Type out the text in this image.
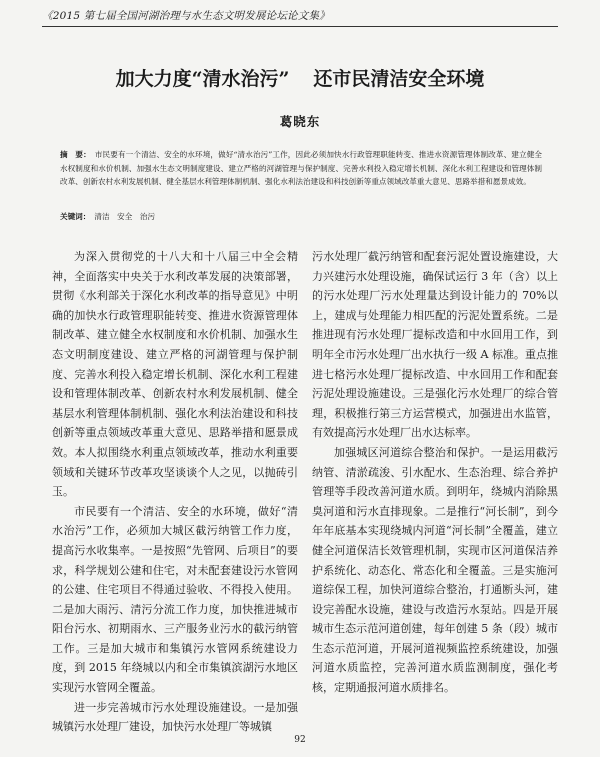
《2015 第七届全国河湖治理与水生态文明发展论坛论文集》
加大力度“清水治污” 还市民清洁安全环境
葛晓东
摘　要： 市民要有一个清洁、安全的水环境，做好“清水治污”工作，因此必须加快水行政管理职能转变、推进水资源管理体制改革、建立健全水权制度和水价机制、加强水生态文明制度建设、建立严格的河湖管理与保护制度、完善水利投入稳定增长机制、深化水利工程建设和管理体制改革、创新农村水利发展机制、健全基层水利管理体制机制、强化水利法治建设和科技创新等重点领域改革重大意见、思路举措和愿景成效。
关键词： 清洁　安全　治污

为深入贯彻党的十八大和十八届三中全会精神，全面落实中央关于水利改革发展的决策部署，贯彻《水利部关于深化水利改革的指导意见》中明确的加快水行政管理职能转变、推进水资源管理体制改革、建立健全水权制度和水价机制、加强水生态文明制度建设、建立严格的河湖管理与保护制度、完善水利投入稳定增长机制、深化水利工程建设和管理体制改革、创新农村水利发展机制、健全基层水利管理体制机制、强化水利法治建设和科技创新等重点领域改革重大意见、思路举措和愿景成效。本人拟围绕水利重点领域改革，推动水利重要领域和关键环节改革攻坚谈谈个人之见，以抛砖引玉。

市民要有一个清洁、安全的水环境，做好“清水治污”工作，必须加大城区截污纳管工作力度，提高污水收集率。一是按照“先管网、后项目”的要求，科学规划公建和住宅，对未配套建设污水管网的公建、住宅项目不得通过验收、不得投入使用。二是加大雨污、清污分流工作力度，加快推进城市阳台污水、初期雨水、三产服务业污水的截污纳管工作。三是加大城市和集镇污水管网系统建设力度，到 2015 年绕城以内和全市集镇滨湖污水地区实现污水管网全覆盖。

进一步完善城市污水处理设施建设。一是加强城镇污水处理厂建设，加快污水处理厂等城镇

污水处理厂截污纳管和配套污泥处置设施建设，大力兴建污水处理设施，确保试运行 3 年（含）以上的污水处理厂污水处理量达到设计能力的 70%以上，建成与处理能力相匹配的污泥处置系统。二是推进现有污水处理厂提标改造和中水回用工作，到明年全市污水处理厂出水执行一级 A 标准。重点推进七格污水处理厂提标改造、中水回用工作和配套污泥处理设施建设。三是强化污水处理厂的综合管理，积极推行第三方运营模式，加强进出水监管，有效提高污水处理厂出水达标率。

加强城区河道综合整治和保护。一是运用截污纳管、清淤疏浚、引水配水、生态治理、综合养护管理等手段改善河道水质。到明年，绕城内消除黑臭河道和污水直排现象。二是推行“河长制”，到今年年底基本实现绕城内河道“河长制”全覆盖，建立健全河道保洁长效管理机制，实现市区河道保洁养护系统化、动态化、常态化和全覆盖。三是实施河道综保工程，加快河道综合整治，打通断头河，建设完善配水设施，建设与改造污水泵站。四是开展城市生态示范河道创建，每年创建 5 条（段）城市生态示范河道，开展河道视频监控系统建设，加强河道水质监控，完善河道水质监测制度，强化考核，定期通报河道水质排名。

92
